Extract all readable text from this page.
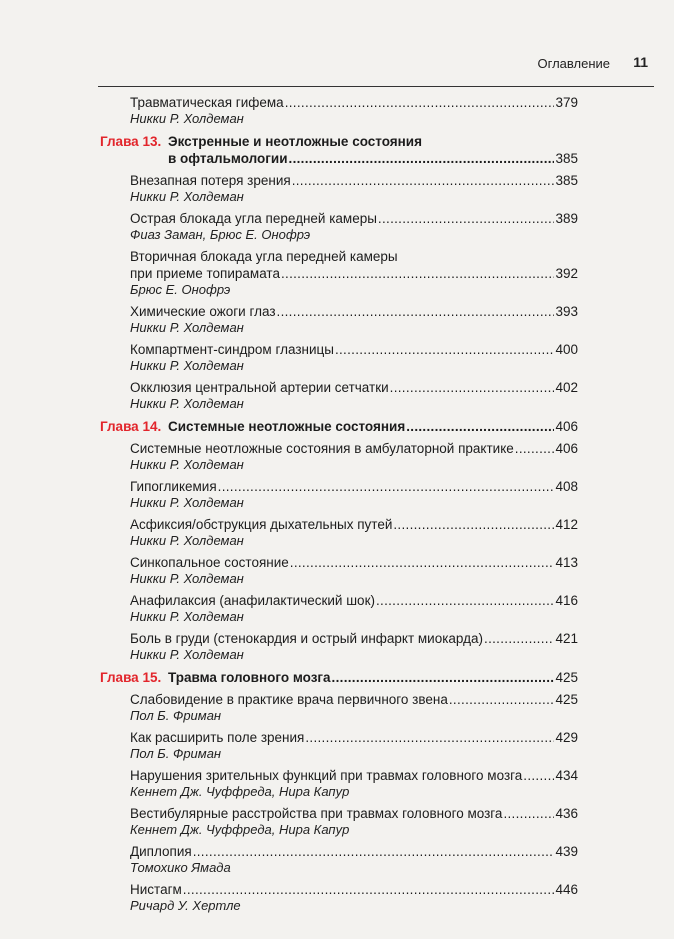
Оглавление 11
Травматическая гифема .....	379
Никки Р. Холдеман
Глава 13. Экстренные и неотложные состояния
в офтальмологии .....	385
Внезапная потеря зрения .....	385
Никки Р. Холдеман
Острая блокада угла передней камеры .....	389
Фиаз Заман, Брюс Е. Онофрэ
Вторичная блокада угла передней камеры
при приеме топирамата .....	392
Брюс Е. Онофрэ
Химические ожоги глаз .....	393
Никки Р. Холдеман
Компартмент-синдром глазницы .....	400
Никки Р. Холдеман
Окклюзия центральной артерии сетчатки .....	402
Никки Р. Холдеман
Глава 14. Системные неотложные состояния .....	406
Системные неотложные состояния в амбулаторной практике .....	406
Никки Р. Холдеман
Гипогликемия .....	408
Никки Р. Холдеман
Асфиксия/обструкция дыхательных путей .....	412
Никки Р. Холдеман
Синкопальное состояние .....	413
Никки Р. Холдеман
Анафилаксия (анафилактический шок) .....	416
Никки Р. Холдеман
Боль в груди (стенокардия и острый инфаркт миокарда) .....	421
Никки Р. Холдеман
Глава 15. Травма головного мозга .....	425
Слабовидение в практике врача первичного звена .....	425
Пол Б. Фриман
Как расширить поле зрения .....	429
Пол Б. Фриман
Нарушения зрительных функций при травмах головного мозга ..... 434
Кеннет Дж. Чуффреда, Нира Капур
Вестибулярные расстройства при травмах головного мозга .....	436
Кеннет Дж. Чуффреда, Нира Капур
Диплопия .....	439
Томохико Ямада
Нистагм .....	446
Ричард У. Хертле
